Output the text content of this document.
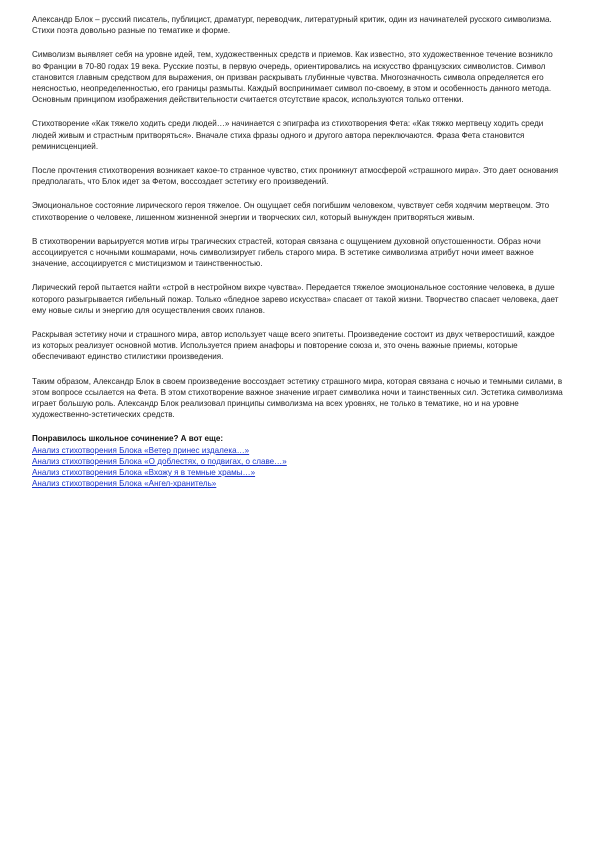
Александр Блок – русский писатель, публицист, драматург, переводчик, литературный критик, один из начинателей русского символизма. Стихи поэта довольно разные по тематике и форме.

Символизм выявляет себя на уровне идей, тем, художественных средств и приемов. Как известно, это художественное течение возникло во Франции в 70-80 годах 19 века. Русские поэты, в первую очередь, ориентировались на искусство французских символистов. Символ становится главным средством для выражения, он призван раскрывать глубинные чувства. Многозначность символа определяется его неясностью, неопределенностью, его границы размыты. Каждый воспринимает символ по-своему, в этом и особенность данного метода. Основным принципом изображения действительности считается отсутствие красок, используются только оттенки.

Стихотворение «Как тяжело ходить среди людей…» начинается с эпиграфа из стихотворения Фета: «Как тяжко мертвецу ходить среди людей живым и страстным притворяться». Вначале стиха фразы одного и другого автора переключаются. Фраза Фета становится реминисценцией.

После прочтения стихотворения возникает какое-то странное чувство, стих проникнут атмосферой «страшного мира». Это дает основания предполагать, что Блок идет за Фетом, воссоздает эстетику его произведений.

Эмоциональное состояние лирического героя тяжелое. Он ощущает себя погибшим человеком, чувствует себя ходячим мертвецом. Это стихотворение о человеке, лишенном жизненной энергии и творческих сил, который вынужден притворяться живым.

В стихотворении варьируется мотив игры трагических страстей, которая связана с ощущением духовной опустошенности. Образ ночи ассоциируется с ночными кошмарами, ночь символизирует гибель старого мира. В эстетике символизма атрибут ночи имеет важное значение, ассоциируется с мистицизмом и таинственностью.

Лирический герой пытается найти «строй в нестройном вихре чувства». Передается тяжелое эмоциональное состояние человека, в душе которого разыгрывается гибельный пожар. Только «бледное зарево искусства» спасает от такой жизни. Творчество спасает человека, дает ему новые силы и энергию для осуществления своих планов.

Раскрывая эстетику ночи и страшного мира, автор использует чаще всего эпитеты. Произведение состоит из двух четверостиший, каждое из которых реализует основной мотив. Используется прием анафоры и повторение союза и, это очень важные приемы, которые обеспечивают единство стилистики произведения.

Таким образом, Александр Блок в своем произведение воссоздает эстетику страшного мира, которая связана с ночью и темными силами, в этом вопросе ссылается на Фета. В этом стихотворение важное значение играет символика ночи и таинственных сил. Эстетика символизма играет большую роль. Александр Блок реализовал принципы символизма на всех уровнях, не только в тематике, но и на уровне художественно-эстетических средств.

Понравилось школьное сочинение? А вот еще:

Анализ стихотворения Блока «Ветер принес издалека…»
Анализ стихотворения Блока «О доблестях, о подвигах, о славе…»
Анализ стихотворения Блока «Вхожу я в темные храмы…»
Анализ стихотворения Блока «Ангел-хранитель»
